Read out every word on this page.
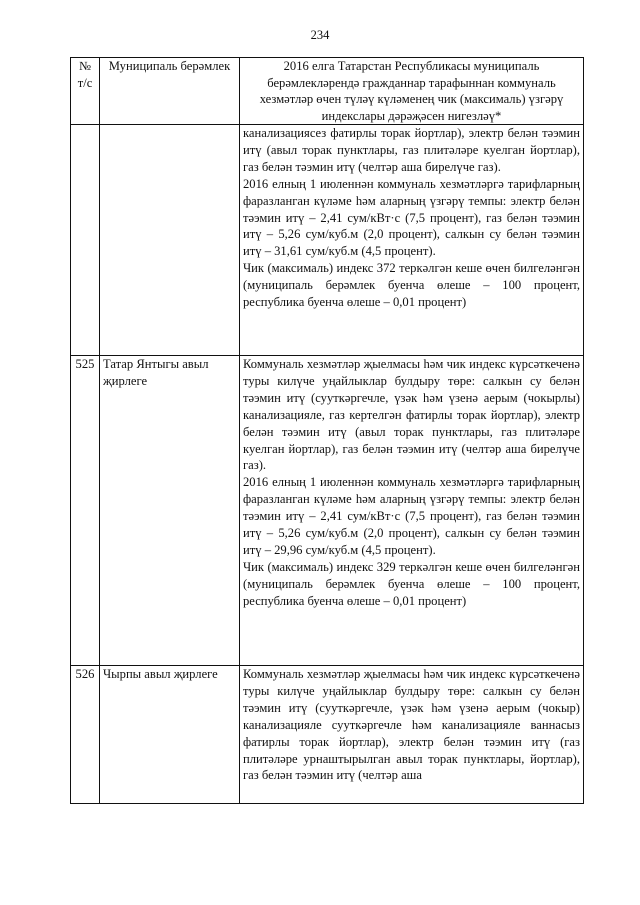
234
№ т/с	Муниципаль берәмлек	2016 елга Татарстан Республикасы муниципаль берәмлекләрендә гражданнар тарафыннан коммуналь хезмәтләр өчен түләү күләменең чик (максималь) үзгәрү индекслары дәрәҗәсен нигезләү*

		канализациясез фатирлы торак йортлар), электр белән тәэмин итү (авыл торак пунктлары, газ плитәләре куелган йортлар), газ белән тәэмин итү (челтәр аша бирелүче газ).

2016 елның 1 июленнән коммуналь хезмәтләргә тарифларның фаразланган күләме һәм аларның үзгәрү темпы: электр белән тәэмин итү – 2,41 сум/кВт·с (7,5 процент), газ белән тәэмин итү – 5,26 сум/куб.м (2,0 процент), салкын су белән тәэмин итү – 31,61 сум/куб.м (4,5 процент).

Чик (максималь) индекс 372 теркәлгән кеше өчен билгеләнгән (муниципаль берәмлек буенча өлеше – 100 процент, республика буенча өлеше – 0,01 процент)

525	Татар Янтыгы авыл җирлеге	Коммуналь хезмәтләр җыелмасы һәм чик индекс күрсәткеченә туры килүче уңайлыклар булдыру төре: салкын су белән тәэмин итү (сууткәргечле, үзәк һәм үзенә аерым (чокырлы) канализацияле, газ кертелгән фатирлы торак йортлар), электр белән тәэмин итү (авыл торак пунктлары, газ плитәләре куелган йортлар), газ белән тәэмин итү (челтәр аша бирелүче газ).

2016 елның 1 июленнән коммуналь хезмәтләргә тарифларның фаразланган күләме һәм аларның үзгәрү темпы: электр белән тәэмин итү – 2,41 сум/кВт·с (7,5 процент), газ белән тәэмин итү – 5,26 сум/куб.м (2,0 процент), салкын су белән тәэмин итү – 29,96 сум/куб.м (4,5 процент).

Чик (максималь) индекс 329 теркәлгән кеше өчен билгеләнгән (муниципаль берәмлек буенча өлеше – 100 процент, республика буенча өлеше – 0,01 процент)

526	Чырпы авыл җирлеге	Коммуналь хезмәтләр җыелмасы һәм чик индекс күрсәткеченә туры килүче уңайлыклар булдыру төре: салкын су белән тәэмин итү (сууткәргечле, үзәк һәм үзенә аерым (чокыр) канализацияле сууткәргечле һәм канализацияле ваннасыз фатирлы торак йортлар), электр белән тәэмин итү (газ плитәләре урнаштырылган авыл торак пунктлары, йортлар), газ белән тәэмин итү (челтәр аша
